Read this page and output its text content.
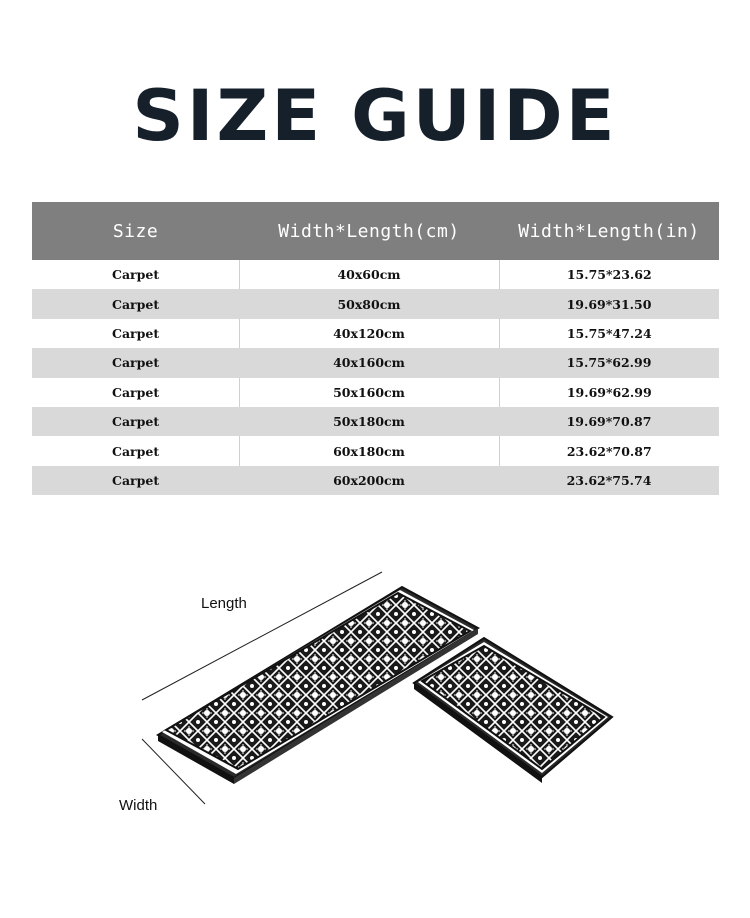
SIZE GUIDE
Size	Width*Length(cm)	Width*Length(in)
Carpet	40x60cm	15.75*23.62
Carpet	50x80cm	19.69*31.50
Carpet	40x120cm	15.75*47.24
Carpet	40x160cm	15.75*62.99
Carpet	50x160cm	19.69*62.99
Carpet	50x180cm	19.69*70.87
Carpet	60x180cm	23.62*70.87
Carpet	60x200cm	23.62*75.74
Length
Width
